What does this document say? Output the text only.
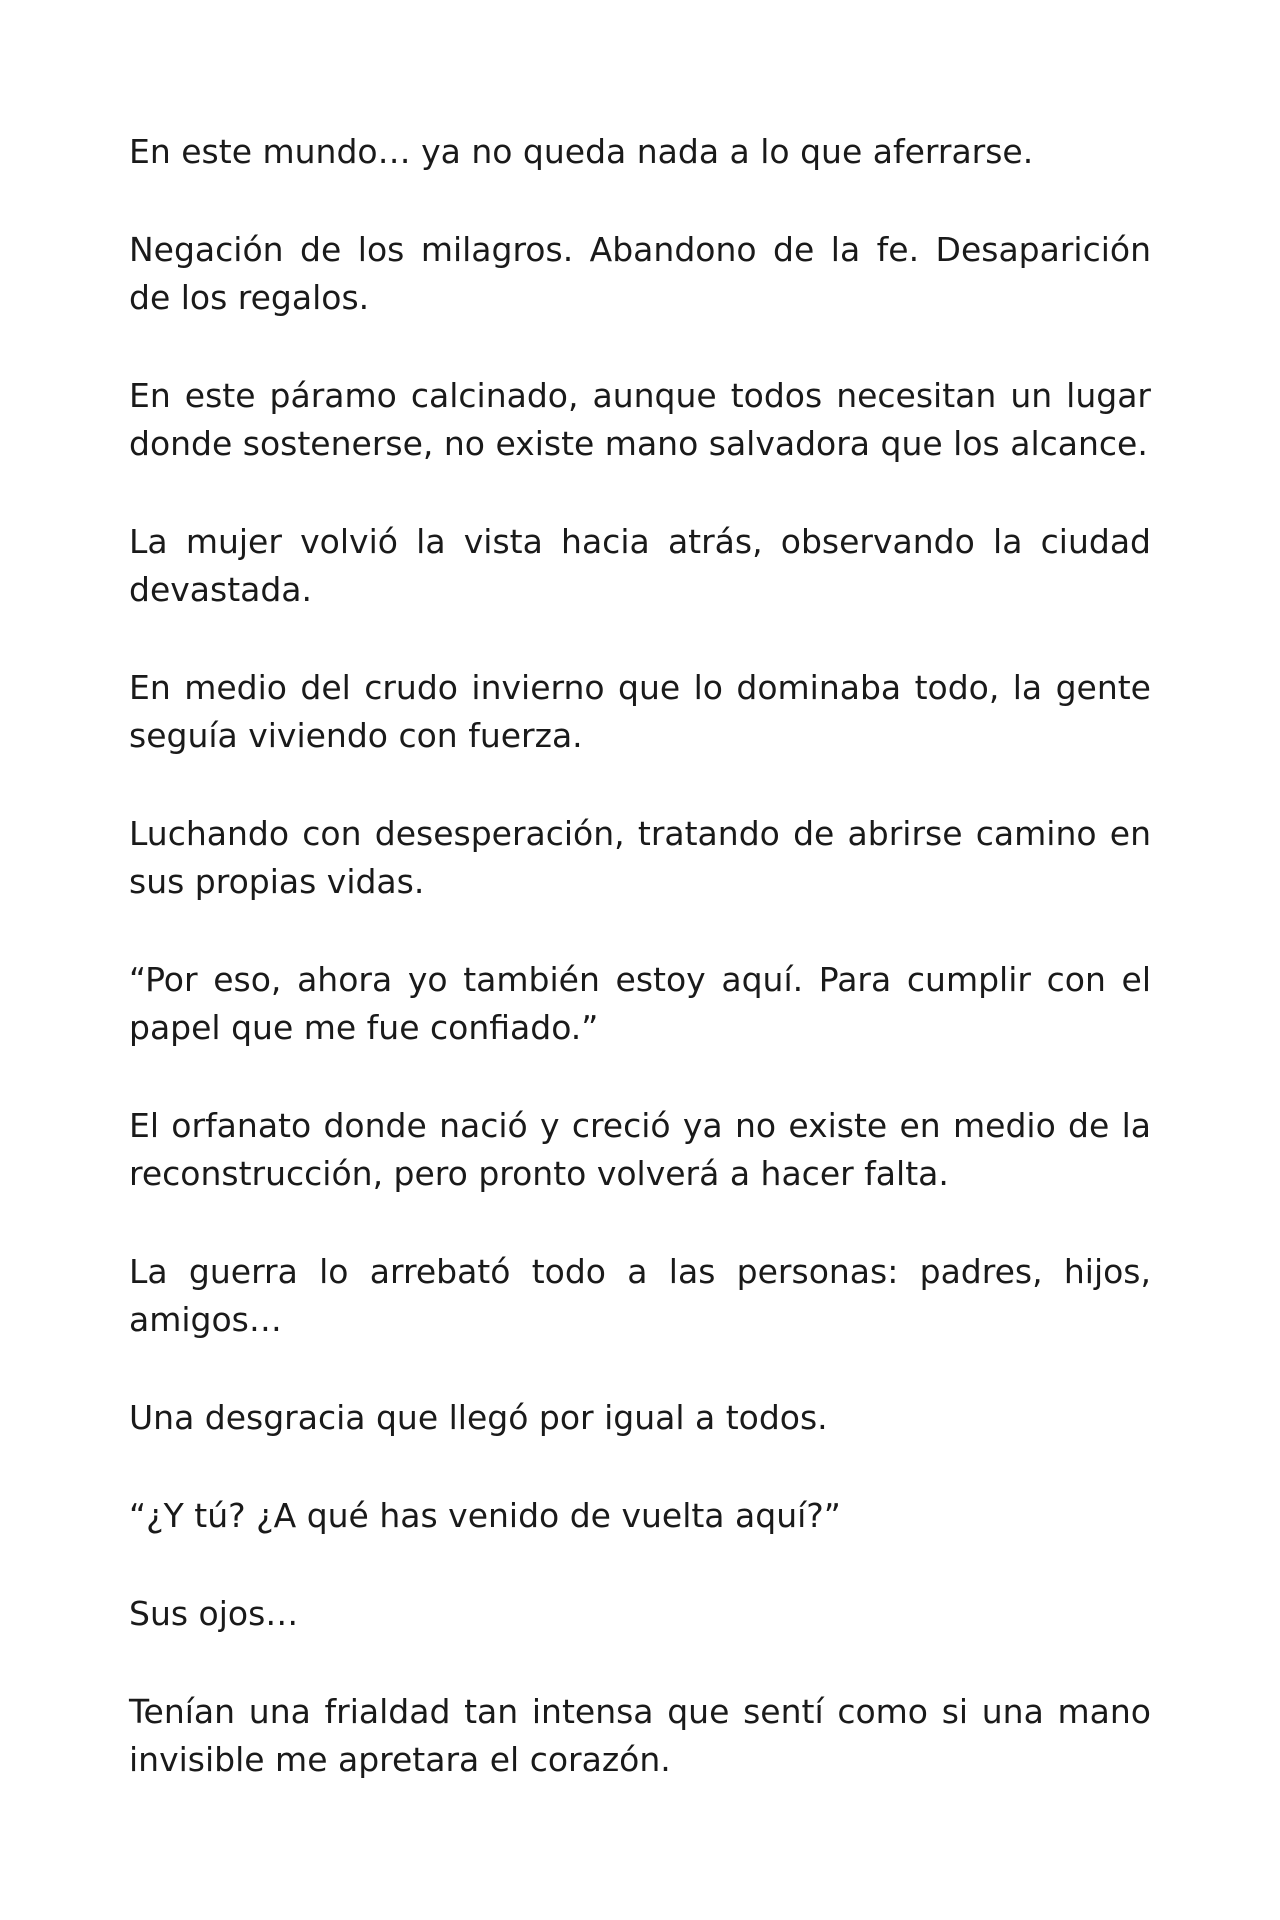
En este mundo… ya no queda nada a lo que aferrarse.

Negación de los milagros. Abandono de la fe. Desaparición de los regalos.

En este páramo calcinado, aunque todos necesitan un lugar donde sostenerse, no existe mano salvadora que los alcance.

La mujer volvió la vista hacia atrás, observando la ciudad devastada.

En medio del crudo invierno que lo dominaba todo, la gente seguía viviendo con fuerza.

Luchando con desesperación, tratando de abrirse camino en sus propias vidas.

“Por eso, ahora yo también estoy aquí. Para cumplir con el papel que me fue confiado.”

El orfanato donde nació y creció ya no existe en medio de la reconstrucción, pero pronto volverá a hacer falta.

La guerra lo arrebató todo a las personas: padres, hijos, amigos…

Una desgracia que llegó por igual a todos.

“¿Y tú? ¿A qué has venido de vuelta aquí?”

Sus ojos…

Tenían una frialdad tan intensa que sentí como si una mano invisible me apretara el corazón.
